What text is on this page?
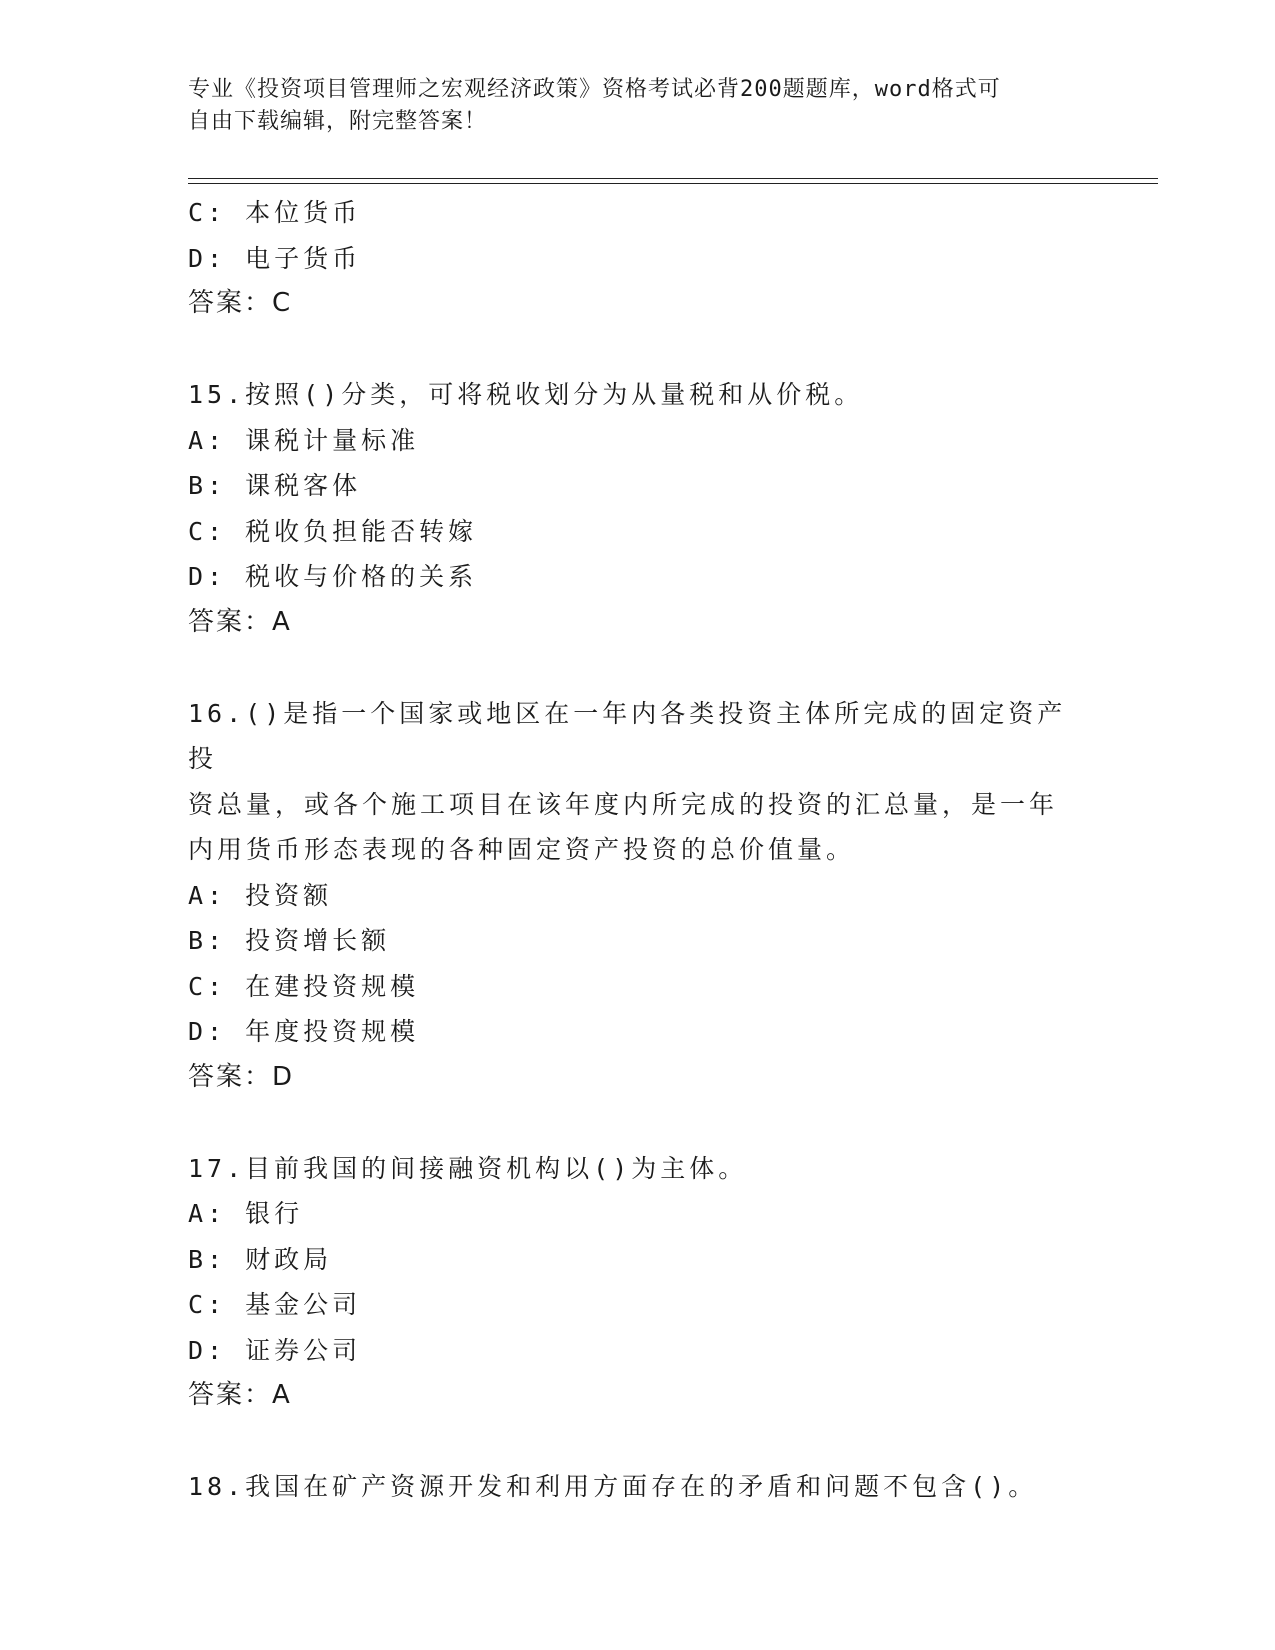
专业《投资项目管理师之宏观经济政策》资格考试必背200题题库，word格式可
自由下载编辑，附完整答案！
C: 本位货币
D: 电子货币
答案：C
15.按照()分类，可将税收划分为从量税和从价税。
A: 课税计量标准
B: 课税客体
C: 税收负担能否转嫁
D: 税收与价格的关系
答案：A
16.()是指一个国家或地区在一年内各类投资主体所完成的固定资产投
资总量，或各个施工项目在该年度内所完成的投资的汇总量，是一年
内用货币形态表现的各种固定资产投资的总价值量。
A: 投资额
B: 投资增长额
C: 在建投资规模
D: 年度投资规模
答案：D
17.目前我国的间接融资机构以()为主体。
A: 银行
B: 财政局
C: 基金公司
D: 证券公司
答案：A
18.我国在矿产资源开发和利用方面存在的矛盾和问题不包含()。
